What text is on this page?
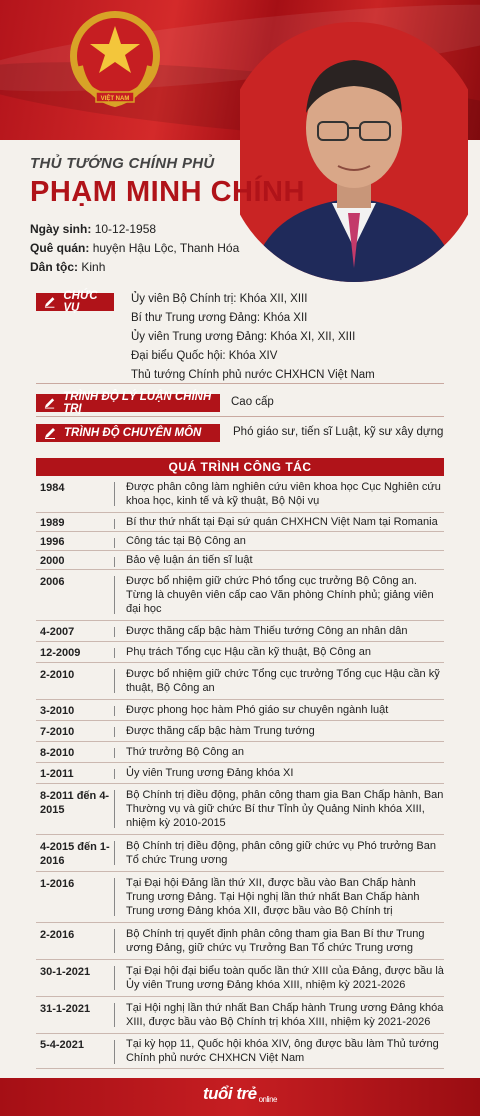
VIỆT NAM
THỦ TƯỚNG CHÍNH PHỦ
PHẠM MINH CHÍNH
Ngày sinh: 10-12-1958
Quê quán: huyện Hậu Lộc, Thanh Hóa
Dân tộc: Kinh
CHỨC VỤ
Ủy viên Bộ Chính trị: Khóa XII, XIII
Bí thư Trung ương Đảng: Khóa XII
Ủy viên Trung ương Đảng: Khóa XI, XII, XIII
Đại biểu Quốc hội: Khóa XIV
Thủ tướng Chính phủ nước CHXHCN Việt Nam
TRÌNH ĐỘ LÝ LUẬN CHÍNH TRỊ
Cao cấp
TRÌNH ĐỘ CHUYÊN MÔN	Phó giáo sư, tiến sĩ Luật, kỹ sư xây dựng
QUÁ TRÌNH CÔNG TÁC
1984	Được phân công làm nghiên cứu viên khoa học Cục Nghiên cứu khoa học, kinh tế và kỹ thuật, Bộ Nội vụ
1989	Bí thư thứ nhất tại Đại sứ quán CHXHCN Việt Nam tại Romania
1996	Công tác tại Bộ Công an
2000	Bảo vệ luận án tiến sĩ luật
2006	Được bổ nhiệm giữ chức Phó tổng cục trưởng Bộ Công an. Từng là chuyên viên cấp cao Văn phòng Chính phủ; giảng viên đại học
4-2007	Được thăng cấp bậc hàm Thiếu tướng Công an nhân dân
12-2009	Phụ trách Tổng cục Hậu cần kỹ thuật, Bộ Công an
2-2010	Được bổ nhiệm giữ chức Tổng cục trưởng Tổng cục Hậu cần kỹ thuật, Bộ Công an
3-2010	Được phong học hàm Phó giáo sư chuyên ngành luật
7-2010	Được thăng cấp bậc hàm Trung tướng
8-2010	Thứ trưởng Bộ Công an
1-2011	Ủy viên Trung ương Đảng khóa XI
8-2011 đến 4-2015
Bộ Chính trị điều động, phân công tham gia Ban Chấp hành, Ban Thường vụ và giữ chức Bí thư Tỉnh ủy Quảng Ninh khóa XIII, nhiệm kỳ 2010-2015
4-2015 đến 1-2016
Bộ Chính trị điều động, phân công giữ chức vụ Phó trưởng Ban Tổ chức Trung ương
1-2016	Tại Đại hội Đảng lần thứ XII, được bầu vào Ban Chấp hành Trung ương Đảng. Tại Hội nghị lần thứ nhất Ban Chấp hành Trung ương Đảng khóa XII, được bầu vào Bộ Chính trị
2-2016	Bộ Chính trị quyết định phân công tham gia Ban Bí thư Trung ương Đảng, giữ chức vụ Trưởng Ban Tổ chức Trung ương
30-1-2021	Tại Đại hội đại biểu toàn quốc lần thứ XIII của Đảng, được bầu là Ủy viên Trung ương Đảng khóa XIII, nhiệm kỳ 2021-2026
31-1-2021	Tại Hội nghị lần thứ nhất Ban Chấp hành Trung ương Đảng khóa XIII, được bầu vào Bộ Chính trị khóa XIII, nhiệm kỳ 2021-2026
5-4-2021	Tại kỳ họp 11, Quốc hội khóa XIV, ông được bầu làm Thủ tướng Chính phủ nước CHXHCN Việt Nam
tuổi trẻ online
